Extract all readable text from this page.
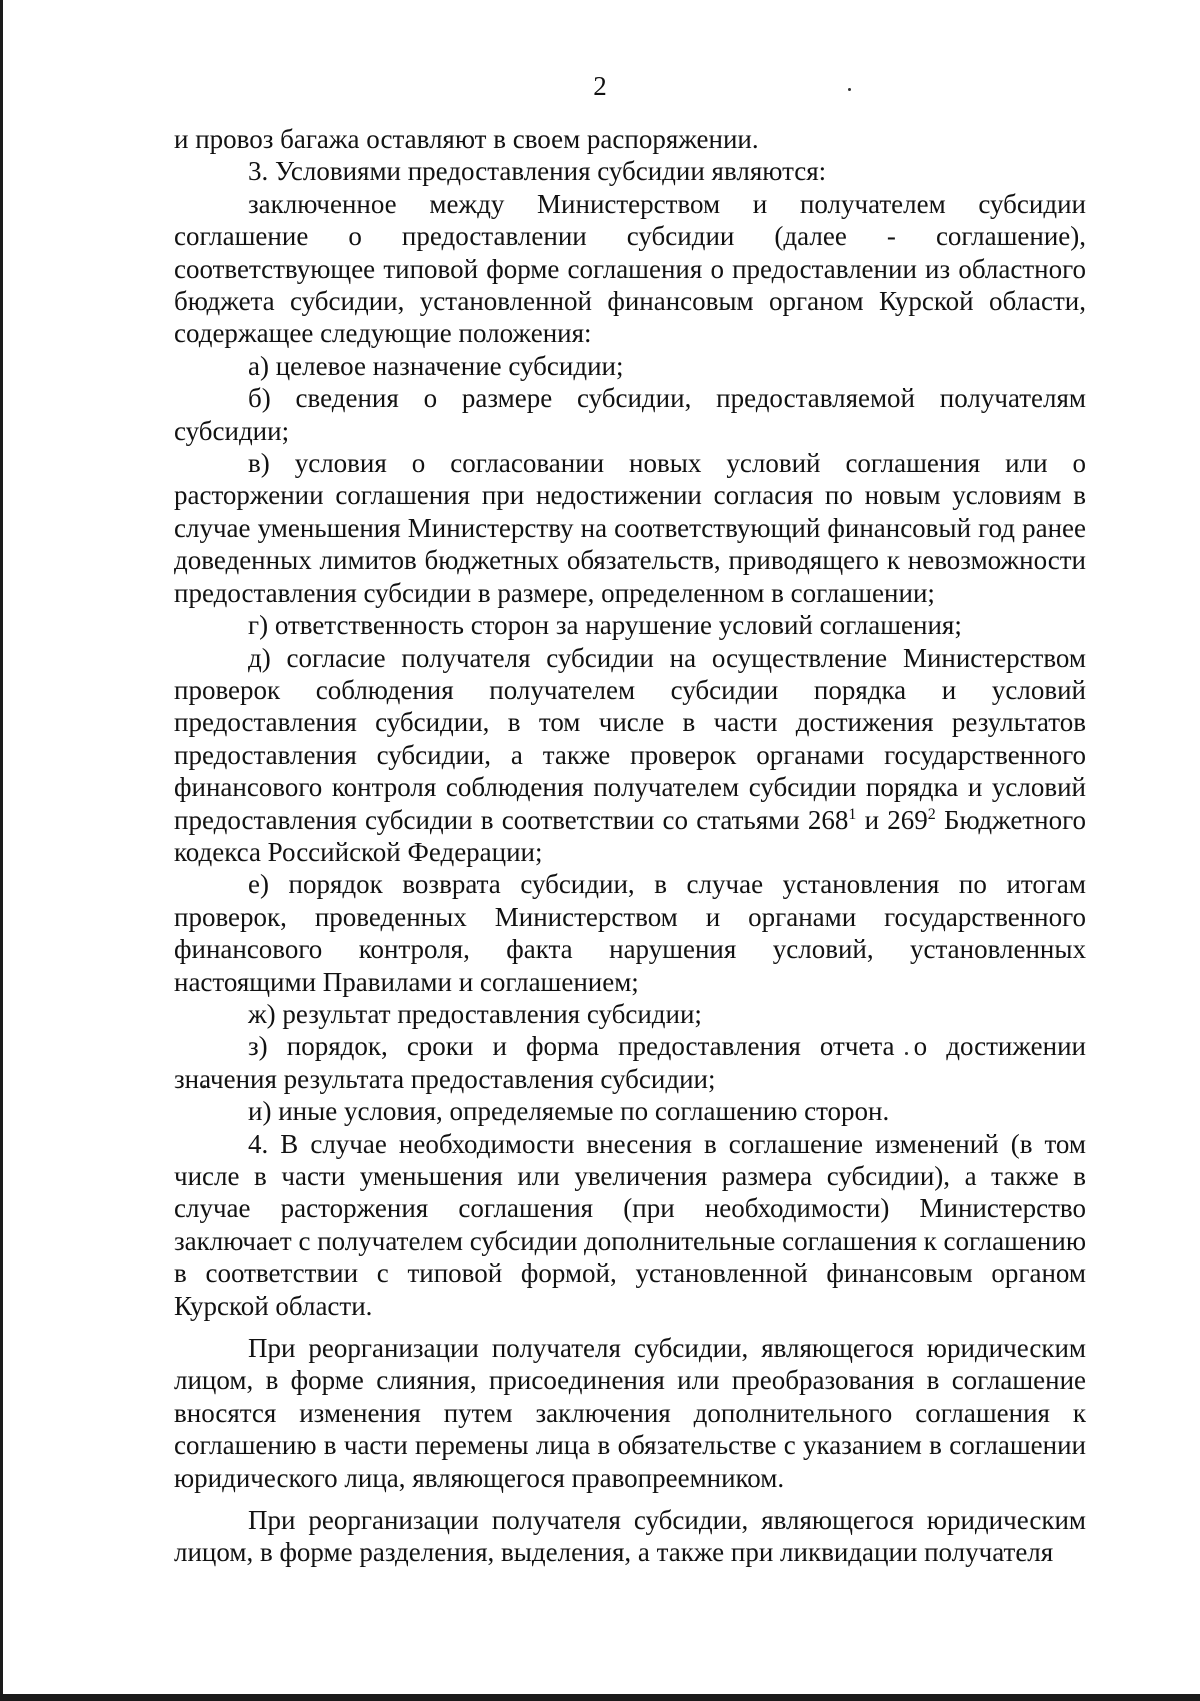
2

и провоз багажа оставляют в своем распоряжении.

3. Условиями предоставления субсидии являются:

заключенное между Министерством и получателем субсидии соглашение о предоставлении субсидии (далее - соглашение), соответствующее типовой форме соглашения о предоставлении из областного бюджета субсидии, установленной финансовым органом Курской области, содержащее следующие положения:

а) целевое назначение субсидии;

б) сведения о размере субсидии, предоставляемой получателям субсидии;

в) условия о согласовании новых условий соглашения или о расторжении соглашения при недостижении согласия по новым условиям в случае уменьшения Министерству на соответствующий финансовый год ранее доведенных лимитов бюджетных обязательств, приводящего к невозможности предоставления субсидии в размере, определенном в соглашении;

г) ответственность сторон за нарушение условий соглашения;

д) согласие получателя субсидии на осуществление Министерством проверок соблюдения получателем субсидии порядка и условий предоставления субсидии, в том числе в части достижения результатов предоставления субсидии, а также проверок органами государственного финансового контроля соблюдения получателем субсидии порядка и условий предоставления субсидии в соответствии со статьями $268^1$ и $269^2$ Бюджетного кодекса Российской Федерации;

е) порядок возврата субсидии, в случае установления по итогам проверок, проведенных Министерством и органами государственного финансового контроля, факта нарушения условий, установленных настоящими Правилами и соглашением;

ж) результат предоставления субсидии;

з) порядок, сроки и форма предоставления отчета о достижении значения результата предоставления субсидии;

и) иные условия, определяемые по соглашению сторон.

4. В случае необходимости внесения в соглашение изменений (в том числе в части уменьшения или увеличения размера субсидии), а также в случае расторжения соглашения (при необходимости) Министерство заключает с получателем субсидии дополнительные соглашения к соглашению в соответствии с типовой формой, установленной финансовым органом Курской области.

При реорганизации получателя субсидии, являющегося юридическим лицом, в форме слияния, присоединения или преобразования в соглашение вносятся изменения путем заключения дополнительного соглашения к соглашению в части перемены лица в обязательстве с указанием в соглашении юридического лица, являющегося правопреемником.

При реорганизации получателя субсидии, являющегося юридическим лицом, в форме разделения, выделения, а также при ликвидации получателя
